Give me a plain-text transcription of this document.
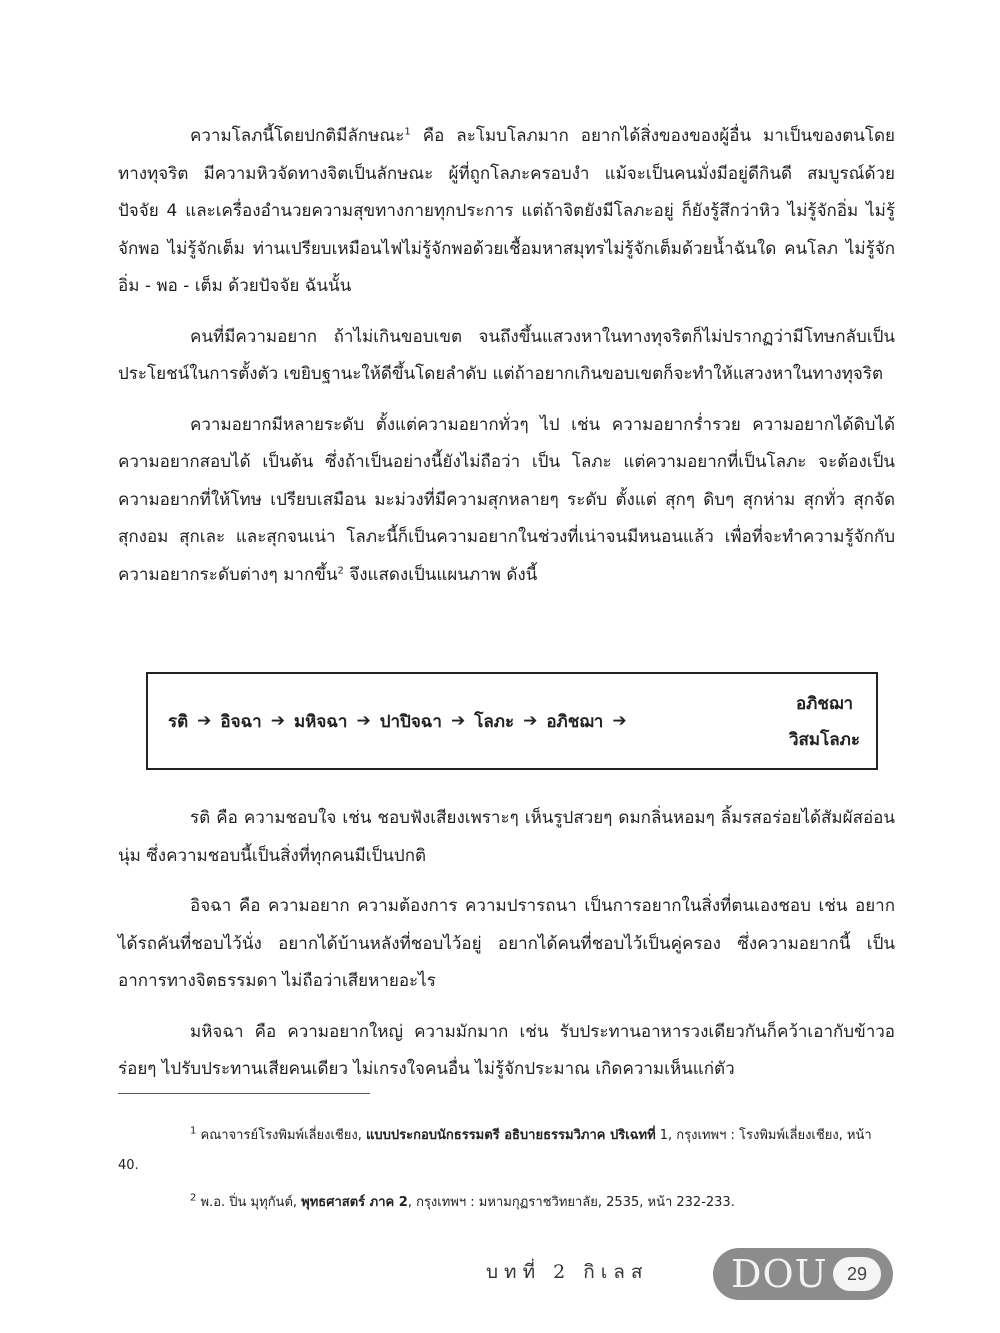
ความโลภนี้โดยปกติมีลักษณะ$^1$ คือ ละโมบโลภมาก อยากได้สิ่งของของผู้อื่น มาเป็นของตนโดยทางทุจริต มีความหิวจัดทางจิตเป็นลักษณะ ผู้ที่ถูกโลภะครอบงำ แม้จะเป็นคนมั่งมีอยู่ดีกินดี สมบูรณ์ด้วยปัจจัย 4 และเครื่องอำนวยความสุขทางกายทุกประการ แต่ถ้าจิตยังมีโลภะอยู่ ก็ยังรู้สึกว่าหิว ไม่รู้จักอิ่ม ไม่รู้จักพอ ไม่รู้จักเต็ม ท่านเปรียบเหมือนไฟไม่รู้จักพอด้วยเชื้อมหาสมุทรไม่รู้จักเต็มด้วยน้ำฉันใด คนโลภ ไม่รู้จักอิ่ม - พอ - เต็ม ด้วยปัจจัย ฉันนั้น

คนที่มีความอยาก ถ้าไม่เกินขอบเขต จนถึงขึ้นแสวงหาในทางทุจริตก็ไม่ปรากฏว่ามีโทษกลับเป็นประโยชน์ในการตั้งตัว เขยิบฐานะให้ดีขึ้นโดยลำดับ แต่ถ้าอยากเกินขอบเขตก็จะทำให้แสวงหาในทางทุจริต

ความอยากมีหลายระดับ ตั้งแต่ความอยากทั่วๆ ไป เช่น ความอยากร่ำรวย ความอยากได้ดิบได้ ความอยากสอบได้ เป็นต้น ซึ่งถ้าเป็นอย่างนี้ยังไม่ถือว่า เป็น โลภะ แต่ความอยากที่เป็นโลภะ จะต้องเป็นความอยากที่ให้โทษ เปรียบเสมือน มะม่วงที่มีความสุกหลายๆ ระดับ ตั้งแต่ สุกๆ ดิบๆ สุกห่าม สุกทั่ว สุกจัด สุกงอม สุกเละ และสุกจนเน่า โลภะนี้ก็เป็นความอยากในช่วงที่เน่าจนมีหนอนแล้ว เพื่อที่จะทำความรู้จักกับความอยากระดับต่างๆ มากขึ้น$^2$ จึงแสดงเป็นแผนภาพ ดังนี้

รติ ➔ อิจฉา ➔ มหิจฉา ➔ ปาปิจฉา ➔ โลภะ ➔ อภิชฌา ➔
อภิชฌา
วิสมโลภะ

รติ คือ ความชอบใจ เช่น ชอบฟังเสียงเพราะๆ เห็นรูปสวยๆ ดมกลิ่นหอมๆ ลิ้มรสอร่อยได้สัมผัสอ่อนนุ่ม ซึ่งความชอบนี้เป็นสิ่งที่ทุกคนมีเป็นปกติ

อิจฉา คือ ความอยาก ความต้องการ ความปรารถนา เป็นการอยากในสิ่งที่ตนเองชอบ เช่น อยากได้รถคันที่ชอบไว้นั่ง อยากได้บ้านหลังที่ชอบไว้อยู่ อยากได้คนที่ชอบไว้เป็นคู่ครอง ซึ่งความอยากนี้ เป็นอาการทางจิตธรรมดา ไม่ถือว่าเสียหายอะไร

มหิจฉา คือ ความอยากใหญ่ ความมักมาก เช่น รับประทานอาหารวงเดียวกันก็คว้าเอากับข้าวอร่อยๆ ไปรับประทานเสียคนเดียว ไม่เกรงใจคนอื่น ไม่รู้จักประมาณ เกิดความเห็นแก่ตัว

$^1$ คณาจารย์โรงพิมพ์เลี่ยงเชียง, แบบประกอบนักธรรมตรี อธิบายธรรมวิภาค ปริเฉทที่ 1, กรุงเทพฯ : โรงพิมพ์เลี่ยงเชียง, หน้า 40.

$^2$ พ.อ. ปิ่น มุทุกันต์, พุทธศาสตร์ ภาค 2, กรุงเทพฯ : มหามกุฏราชวิทยาลัย, 2535, หน้า 232-233.

บทที่ 2 กิเลส DOU	29
